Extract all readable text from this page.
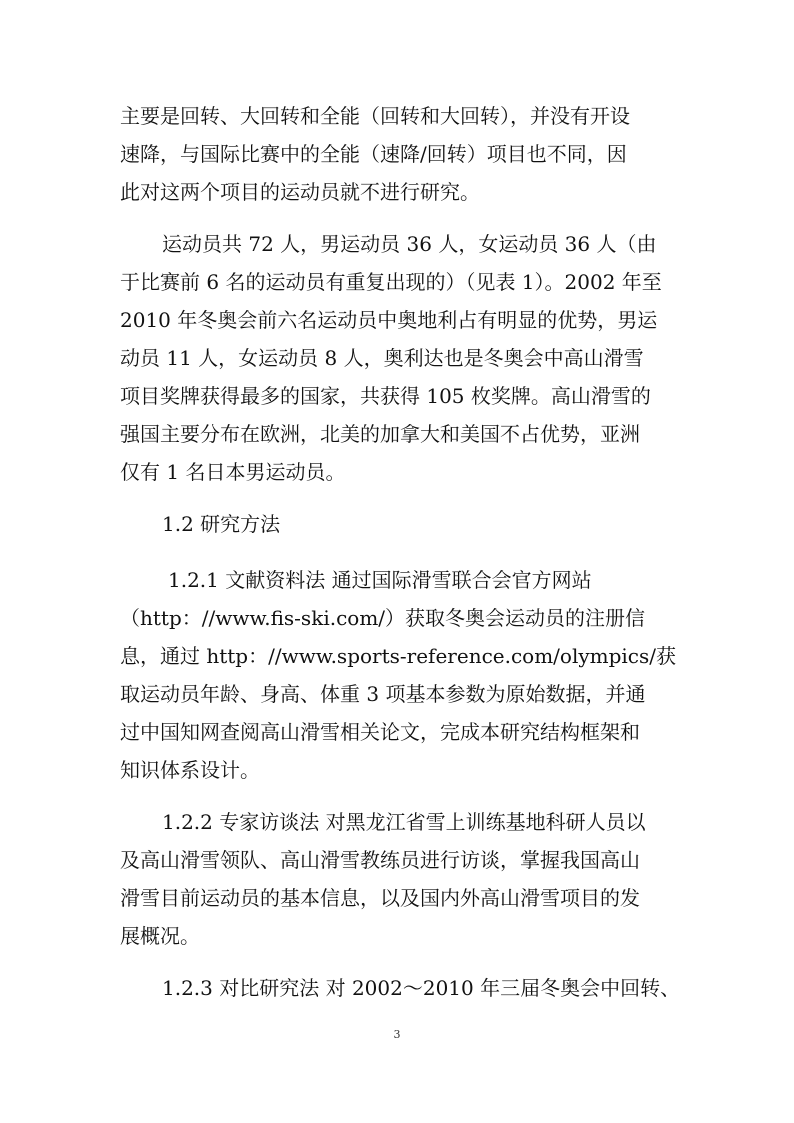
主要是回转、大回转和全能（回转和大回转），并没有开设
速降，与国际比赛中的全能（速降/回转）项目也不同，因
此对这两个项目的运动员就不进行研究。
运动员共 72 人，男运动员 36 人，女运动员 36 人（由
于比赛前 6 名的运动员有重复出现的）（见表 1）。2002 年至
2010 年冬奥会前六名运动员中奥地利占有明显的优势，男运
动员 11 人，女运动员 8 人，奥利达也是冬奥会中高山滑雪
项目奖牌获得最多的国家，共获得 105 枚奖牌。高山滑雪的
强国主要分布在欧洲，北美的加拿大和美国不占优势，亚洲
仅有 1 名日本男运动员。
1.2 研究方法
1.2.1 文献资料法 通过国际滑雪联合会官方网站
（http：//www.fis-ski.com/）获取冬奥会运动员的注册信
息，通过 http：//www.sports-reference.com/olympics/获
取运动员年龄、身高、体重 3 项基本参数为原始数据，并通
过中国知网查阅高山滑雪相关论文，完成本研究结构框架和
知识体系设计。
1.2.2 专家访谈法 对黑龙江省雪上训练基地科研人员以
及高山滑雪领队、高山滑雪教练员进行访谈，掌握我国高山
滑雪目前运动员的基本信息，以及国内外高山滑雪项目的发
展概况。
1.2.3 对比研究法 对 2002～2010 年三届冬奥会中回转、
3
